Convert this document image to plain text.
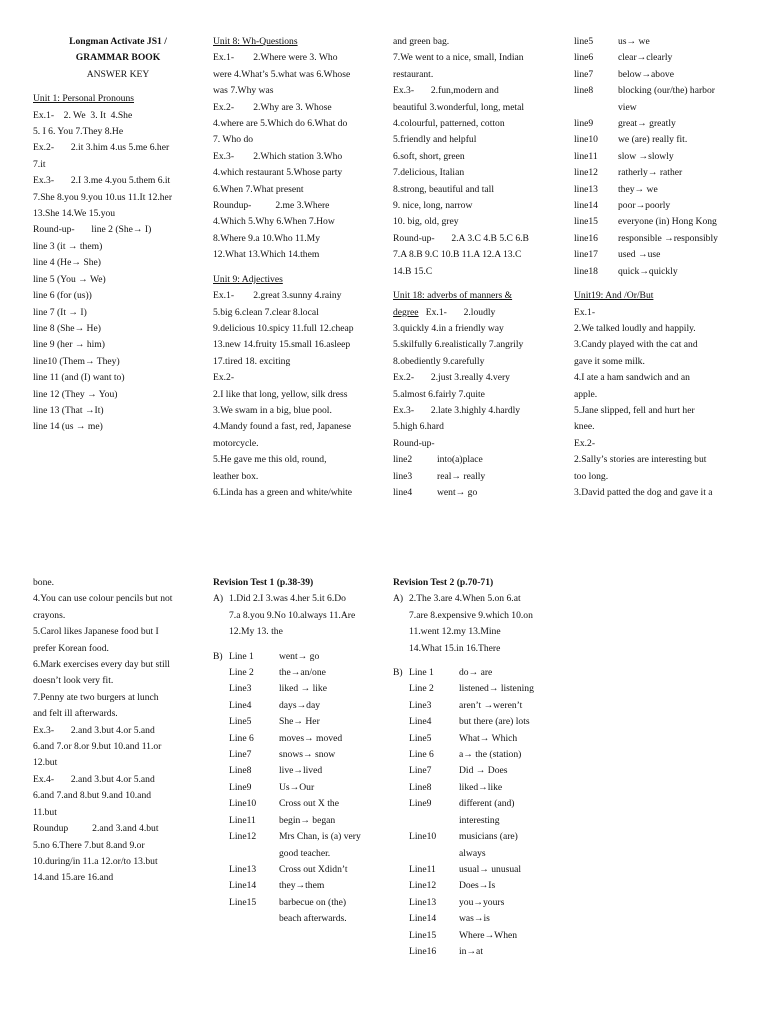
Longman Activate JS1 /
GRAMMAR BOOK
ANSWER KEY
Unit 1: Personal Pronouns
Ex.1-    2. We  3. It  4.She
5. I 6. You 7.They 8.He
Ex.2-       2.it 3.him 4.us 5.me 6.her
7.it
Ex.3-       2.I 3.me 4.you 5.them 6.it
7.She 8.you 9.you 10.us 11.It 12.her
13.She 14.We 15.you
Round-up-       line 2 (She→ I)
line 3 (it → them)
line 4 (He→ She)
line 5 (You → We)
line 6 (for (us))
line 7 (It → I)
line 8 (She→ He)
line 9 (her → him)
line10 (Them→ They)
line 11 (and (I) want to)
line 12 (They → You)
line 13 (That →It)
line 14 (us → me)
Unit 8: Wh-Questions
Ex.1-        2.Where were 3. Who
were 4.What’s 5.what was 6.Whose
was 7.Why was
Ex.2-        2.Why are 3. Whose
4.where are 5.Which do 6.What do
7. Who do
Ex.3-        2.Which station 3.Who
4.which restaurant 5.Whose party
6.When 7.What present
Roundup-          2.me 3.Where
4.Which 5.Why 6.When 7.How
8.Where 9.a 10.Who 11.My
12.What 13.Which 14.them
Unit 9: Adjectives
Ex.1-        2.great 3.sunny 4.rainy
5.big 6.clean 7.clear 8.local
9.delicious 10.spicy 11.full 12.cheap
13.new 14.fruity 15.small 16.asleep
17.tired 18. exciting
Ex.2-
2.I like that long, yellow, silk dress
3.We swam in a big, blue pool.
4.Mandy found a fast, red, Japanese
motorcycle.
5.He gave me this old, round,
leather box.
6.Linda has a green and white/white
and green bag.
7.We went to a nice, small, Indian
restaurant.
Ex.3-       2.fun,modern and
beautiful 3.wonderful, long, metal
4.colourful, patterned, cotton
5.friendly and helpful
6.soft, short, green
7.delicious, Italian
8.strong, beautiful and tall
9. nice, long, narrow
10. big, old, grey
Round-up-       2.A 3.C 4.B 5.C 6.B
7.A 8.B 9.C 10.B 11.A 12.A 13.C
14.B 15.C
Unit 18: adverbs of manners &
degree   Ex.1-       2.loudly
3.quickly 4.in a friendly way
5.skilfully 6.realistically 7.angrily
8.obediently 9.carefully
Ex.2-       2.just 3.really 4.very
5.almost 6.fairly 7.quite
Ex.3-       2.late 3.highly 4.hardly
5.high 6.hard
Round-up-
line2	into(a)place
line3	real→ really
line4	went→ go
line5	us→ we
line6	clear→clearly
line7	below→above
line8	blocking (our/the) harbor
view
line9	great→ greatly
line10	we (are) really fit.
line11	slow →slowly
line12	ratherly→ rather
line13	they→ we
line14	poor→poorly
line15	everyone (in) Hong Kong
line16	responsible →responsibly
line17	used →use
line18	quick→quickly
Unit19: And /Or/But
Ex.1-
2.We talked loudly and happily.
3.Candy played with the cat and
gave it some milk.
4.I ate a ham sandwich and an
apple.
5.Jane slipped, fell and hurt her
knee.
Ex.2-
2.Sally’s stories are interesting but
too long.
3.David patted the dog and gave it a
bone.
4.You can use colour pencils but not
crayons.
5.Carol likes Japanese food but I
prefer Korean food.
6.Mark exercises every day but still
doesn’t look very fit.
7.Penny ate two burgers at lunch
and felt ill afterwards.
Ex.3-       2.and 3.but 4.or 5.and
6.and 7.or 8.or 9.but 10.and 11.or
12.but
Ex.4-       2.and 3.but 4.or 5.and
6.and 7.and 8.but 9.and 10.and
11.but
Roundup          2.and 3.and 4.but
5.no 6.There 7.but 8.and 9.or
10.during/in 11.a 12.or/to 13.but
14.and 15.are 16.and
Revision Test 1 (p.38-39)
A) 1.Did 2.I 3.was 4.her 5.it 6.Do
7.a 8.you 9.No 10.always 11.Are
12.My 13. the
B) Line 1	went→ go
Line 2	the→an/one
Line3	liked → like
Line4	days→day
Line5	She→ Her
Line 6	moves→ moved
Line7	snows→ snow
Line8	live→lived
Line9	Us→Our
Line10	Cross out X the
Line11	begin→ began
Line12	Mrs Chan, is (a) very
good teacher.
Line13	Cross out Xdidn’t
Line14	they→them
Line15	barbecue on (the)
beach afterwards.
Revision Test 2 (p.70-71)
A) 2.The 3.are 4.When 5.on 6.at
7.are 8.expensive 9.which 10.on
11.went 12.my 13.Mine
14.What 15.in 16.There
B) Line 1	do→ are
Line 2	listened→ listening
Line3	aren’t →weren’t
Line4	but there (are) lots
Line5	What→ Which
Line 6	a→ the (station)
Line7	Did → Does
Line8	liked→like
Line9	different (and)
interesting
Line10	musicians (are)
always
Line11	usual→ unusual
Line12	Does→Is
Line13	you→yours
Line14	was→is
Line15	Where→When
Line16	in→at
